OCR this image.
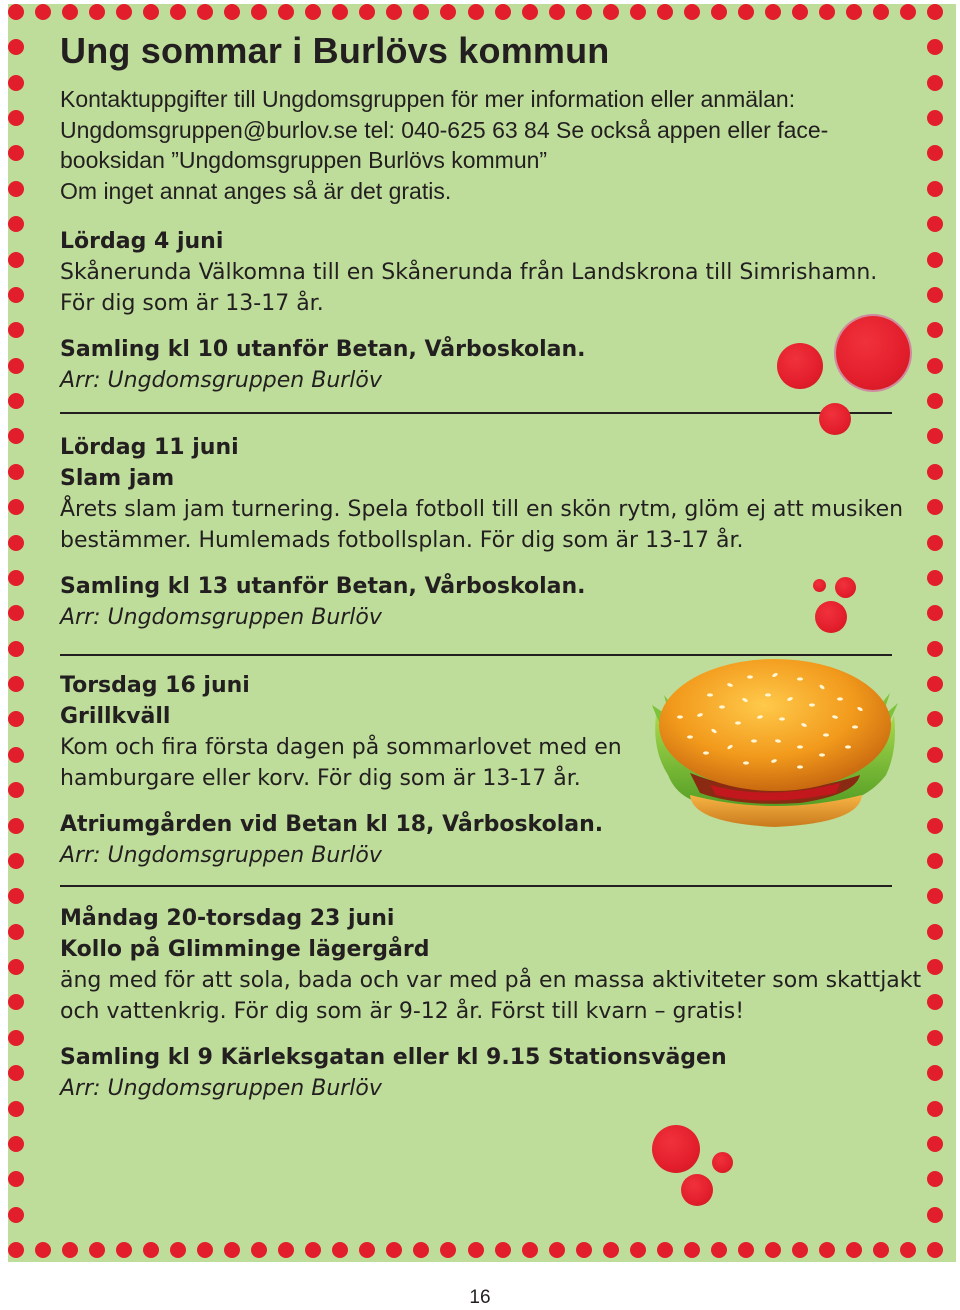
Ung sommar i Burlövs kommun
Kontaktuppgifter till Ungdomsgruppen för mer information eller anmälan:
Ungdomsgruppen@burlov.se tel: 040-625 63 84 Se också appen eller face-
booksidan ”Ungdomsgruppen Burlövs kommun”
Om inget annat anges så är det gratis.
Lördag 4 juni
Skånerunda Välkomna till en Skånerunda från Landskrona till Simrishamn.
För dig som är 13-17 år.
Samling kl 10 utanför Betan, Vårboskolan.
Arr: Ungdomsgruppen Burlöv
Lördag 11 juni
Slam jam
Årets slam jam turnering. Spela fotboll till en skön rytm, glöm ej att musiken
bestämmer. Humlemads fotbollsplan. För dig som är 13-17 år.
Samling kl 13 utanför Betan, Vårboskolan.
Arr: Ungdomsgruppen Burlöv
Torsdag 16 juni
Grillkväll
Kom och fira första dagen på sommarlovet med en
hamburgare eller korv. För dig som är 13-17 år.
Atriumgården vid Betan kl 18, Vårboskolan.
Arr: Ungdomsgruppen Burlöv
Måndag 20-torsdag 23 juni
Kollo på Glimminge lägergård
äng med för att sola, bada och var med på en massa aktiviteter som skattjakt
och vattenkrig. För dig som är 9-12 år. Först till kvarn – gratis!
Samling kl 9 Kärleksgatan eller kl 9.15 Stationsvägen
Arr: Ungdomsgruppen Burlöv
16
